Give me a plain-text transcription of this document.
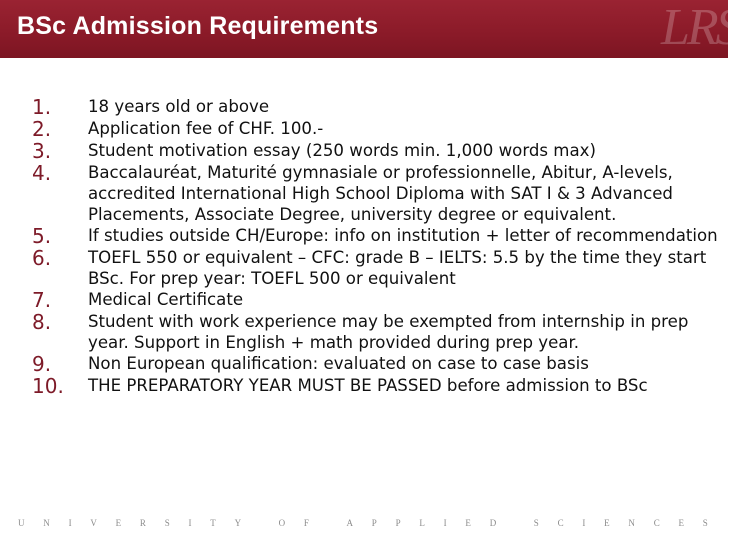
BSc Admission Requirements	LRS
1.	18 years old or above
2.	Application fee of CHF. 100.-
3.	Student motivation essay (250 words min. 1,000 words max)
4.	Baccalauréat, Maturité gymnasiale or professionnelle, Abitur, A-levels, accredited International High School Diploma with SAT I & 3 Advanced Placements, Associate Degree, university degree or equivalent.
5.	If studies outside CH/Europe: info on institution + letter of recommendation
6.	TOEFL 550 or equivalent – CFC: grade B – IELTS: 5.5 by the time they start BSc. For prep year: TOEFL 500 or equivalent
7.	Medical Certificate
8.	Student with work experience may be exempted from internship in prep year. Support in English + math provided during prep year.
9.	Non European qualification: evaluated on case to case basis
10.	THE PREPARATORY YEAR MUST BE PASSED before admission to BSc
U N I V E R S I T Y	O F	A P P L I E D	S C I E N C E S
